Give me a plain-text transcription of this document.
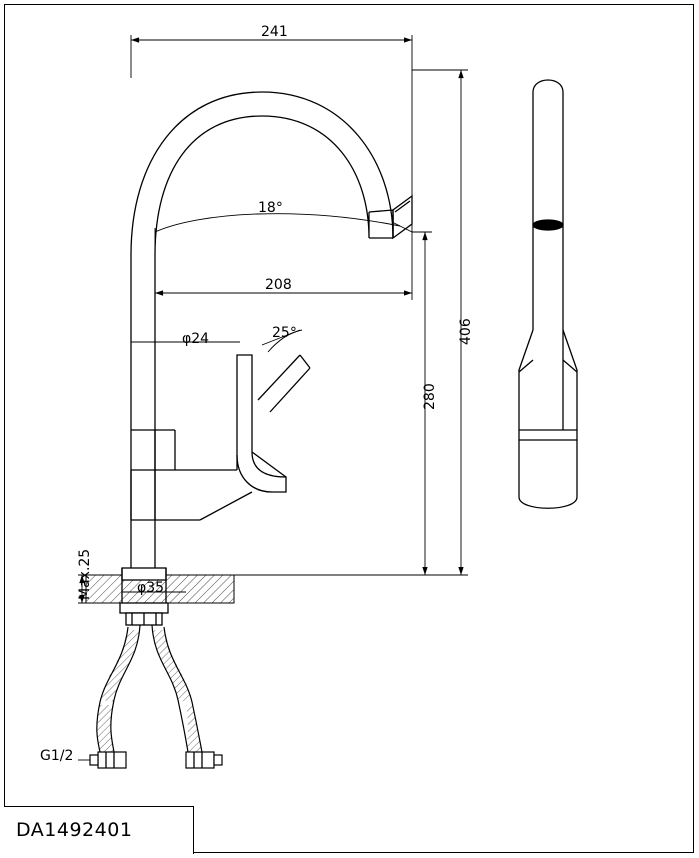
241
208
406
280
18°
25°
φ24
φ35
Max.25
G1/2
DA1492401
